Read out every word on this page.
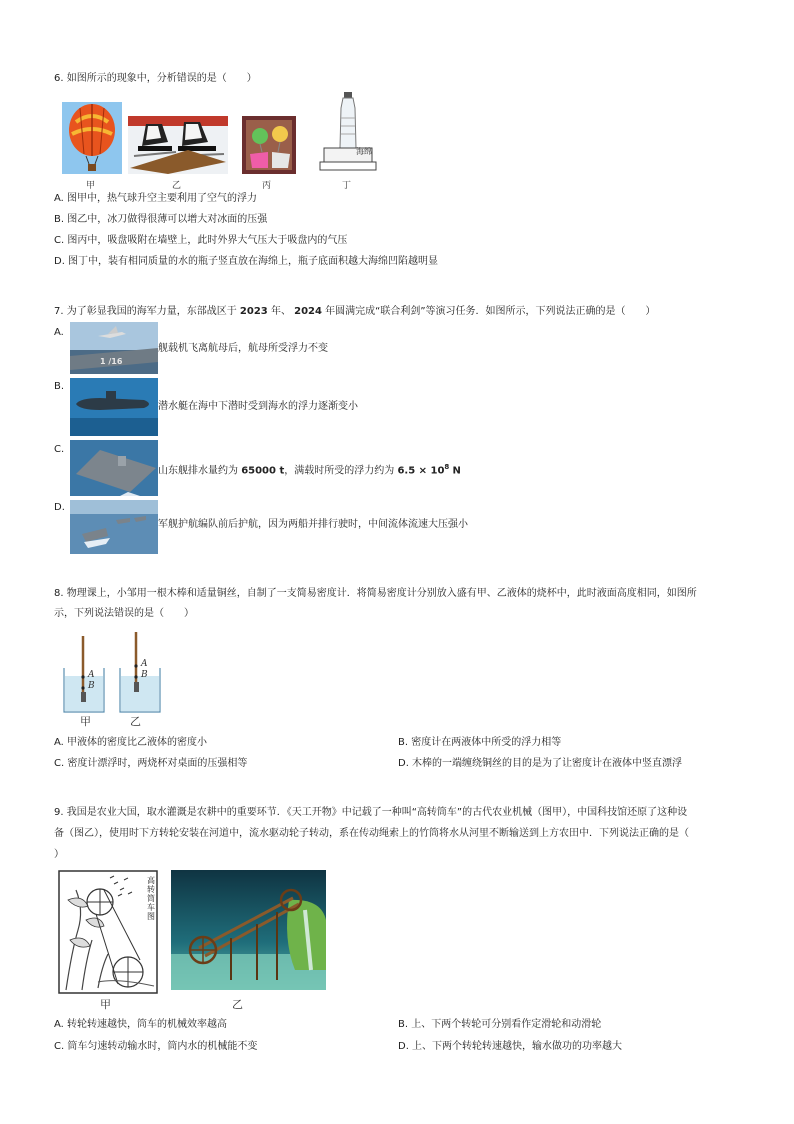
6. 如图所示的现象中，分析错误的是（　　）
甲	乙	丙
海绵
丁
A. 图甲中，热气球升空主要利用了空气的浮力
B. 图乙中，冰刀做得很薄可以增大对冰面的压强
C. 图丙中，吸盘吸附在墙壁上，此时外界大气压大于吸盘内的气压
D. 图丁中，装有相同质量的水的瓶子竖直放在海绵上，瓶子底面积越大海绵凹陷越明显
7. 为了彰显我国的海军力量，东部战区于 2023 年、 2024 年圆满完成“联合利剑”等演习任务．如图所示，下列说法正确的是（　　）
A.
1 /16
舰载机飞离航母后，航母所受浮力不变
B.
潜水艇在海中下潜时受到海水的浮力逐渐变小
C.
山东舰排水量约为 65000 t，满载时所受的浮力约为 $6.5 \times 10^8$ N
D.
军舰护航编队前后护航，因为两船并排行驶时，中间流体流速大压强小
8. 物理课上，小邹用一根木棒和适量铜丝，自制了一支简易密度计．将简易密度计分别放入盛有甲、乙液体的烧杯中，此时液面高度相同，如图所
示，下列说法错误的是（　　）
A
B
A
B
甲	乙
A. 甲液体的密度比乙液体的密度小	B. 密度计在两液体中所受的浮力相等
C. 密度计漂浮时，两烧杯对桌面的压强相等	D. 木棒的一端缠绕铜丝的目的是为了让密度计在液体中竖直漂浮
9. 我国是农业大国，取水灌溉是农耕中的重要环节．《天工开物》中记载了一种叫“高转筒车”的古代农业机械（图甲），中国科技馆还原了这种设
备（图乙），使用时下方转轮安装在河道中，流水驱动轮子转动，系在传动绳索上的竹筒将水从河里不断输送到上方农田中．下列说法正确的是（
）
高转筒车图
甲	乙
A. 转轮转速越快，筒车的机械效率越高	B. 上、下两个转轮可分别看作定滑轮和动滑轮
C. 筒车匀速转动输水时，筒内水的机械能不变	D. 上、下两个转轮转速越快，输水做功的功率越大
